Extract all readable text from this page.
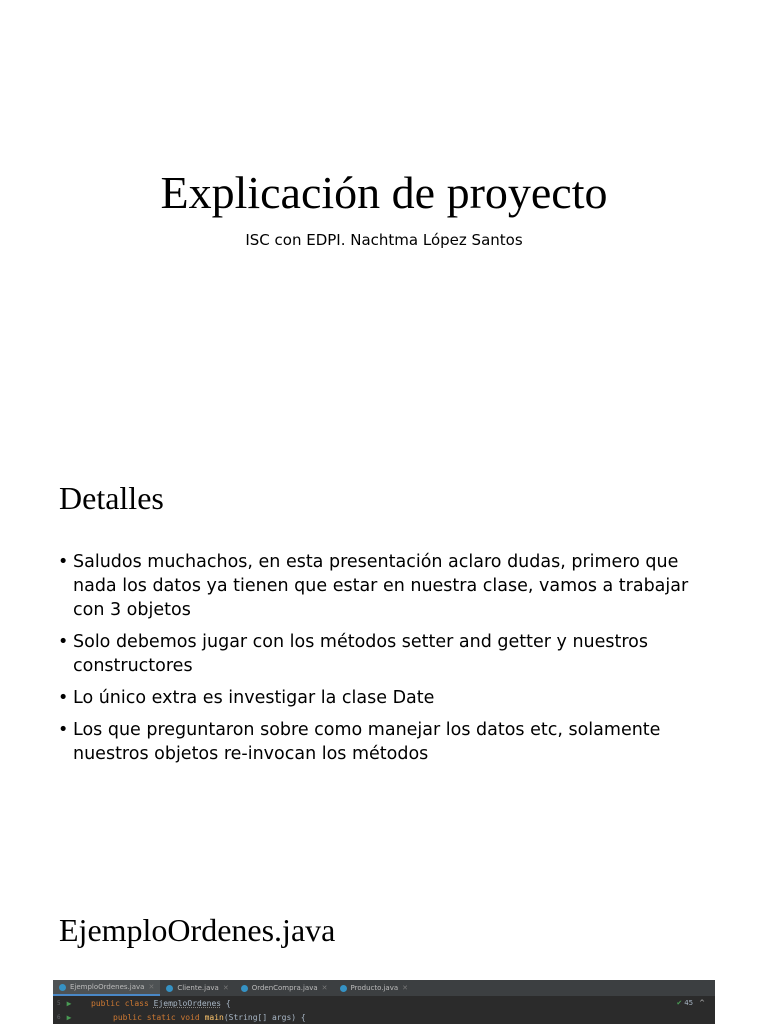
Explicación de proyecto

ISC con EDPI. Nachtma López Santos

Detalles
• Saludos muchachos, en esta presentación aclaro dudas, primero que nada los datos ya tienen que estar en nuestra clase, vamos a trabajar con 3 objetos
• Solo debemos jugar con los métodos setter and getter y nuestros constructores
• Lo único extra es investigar la clase Date
• Los que preguntaron sobre como manejar los datos etc, solamente nuestros objetos re-invocan los métodos
EjemploOrdenes.java
EjemploOrdenes.java ✕	Cliente.java ✕	OrdenCompra.java ✕	Producto.java ✕
5 ▶ public class EjemploOrdenes {	✔ 45 ^
6 ▶	public static void main(String[] args) {
